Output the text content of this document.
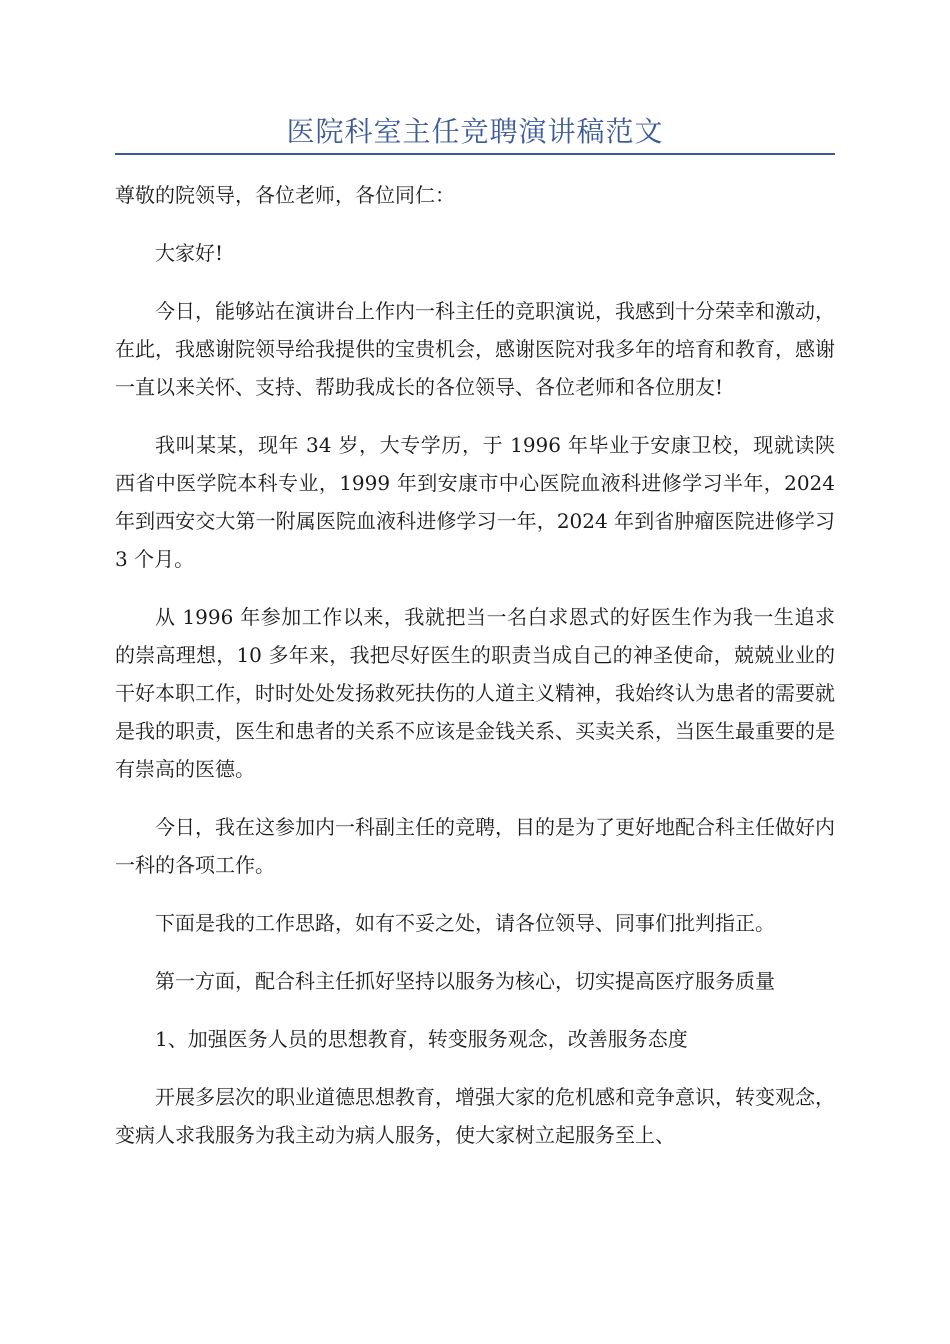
医院科室主任竞聘演讲稿范文

尊敬的院领导，各位老师，各位同仁：

大家好!

今日，能够站在演讲台上作内一科主任的竞职演说，我感到十分荣幸和激动，在此，我感谢院领导给我提供的宝贵机会，感谢医院对我多年的培育和教育，感谢一直以来关怀、支持、帮助我成长的各位领导、各位老师和各位朋友!

我叫某某，现年 34 岁，大专学历，于 1996 年毕业于安康卫校，现就读陕西省中医学院本科专业，1999 年到安康市中心医院血液科进修学习半年，2024 年到西安交大第一附属医院血液科进修学习一年，2024 年到省肿瘤医院进修学习 3 个月。

从 1996 年参加工作以来，我就把当一名白求恩式的好医生作为我一生追求的崇高理想，10 多年来，我把尽好医生的职责当成自己的神圣使命，兢兢业业的干好本职工作，时时处处发扬救死扶伤的人道主义精神，我始终认为患者的需要就是我的职责，医生和患者的关系不应该是金钱关系、买卖关系，当医生最重要的是有崇高的医德。

今日，我在这参加内一科副主任的竞聘，目的是为了更好地配合科主任做好内一科的各项工作。

下面是我的工作思路，如有不妥之处，请各位领导、同事们批判指正。

第一方面，配合科主任抓好坚持以服务为核心，切实提高医疗服务质量

1、加强医务人员的思想教育，转变服务观念，改善服务态度

开展多层次的职业道德思想教育，增强大家的危机感和竞争意识，转变观念，变病人求我服务为我主动为病人服务，使大家树立起服务至上、
